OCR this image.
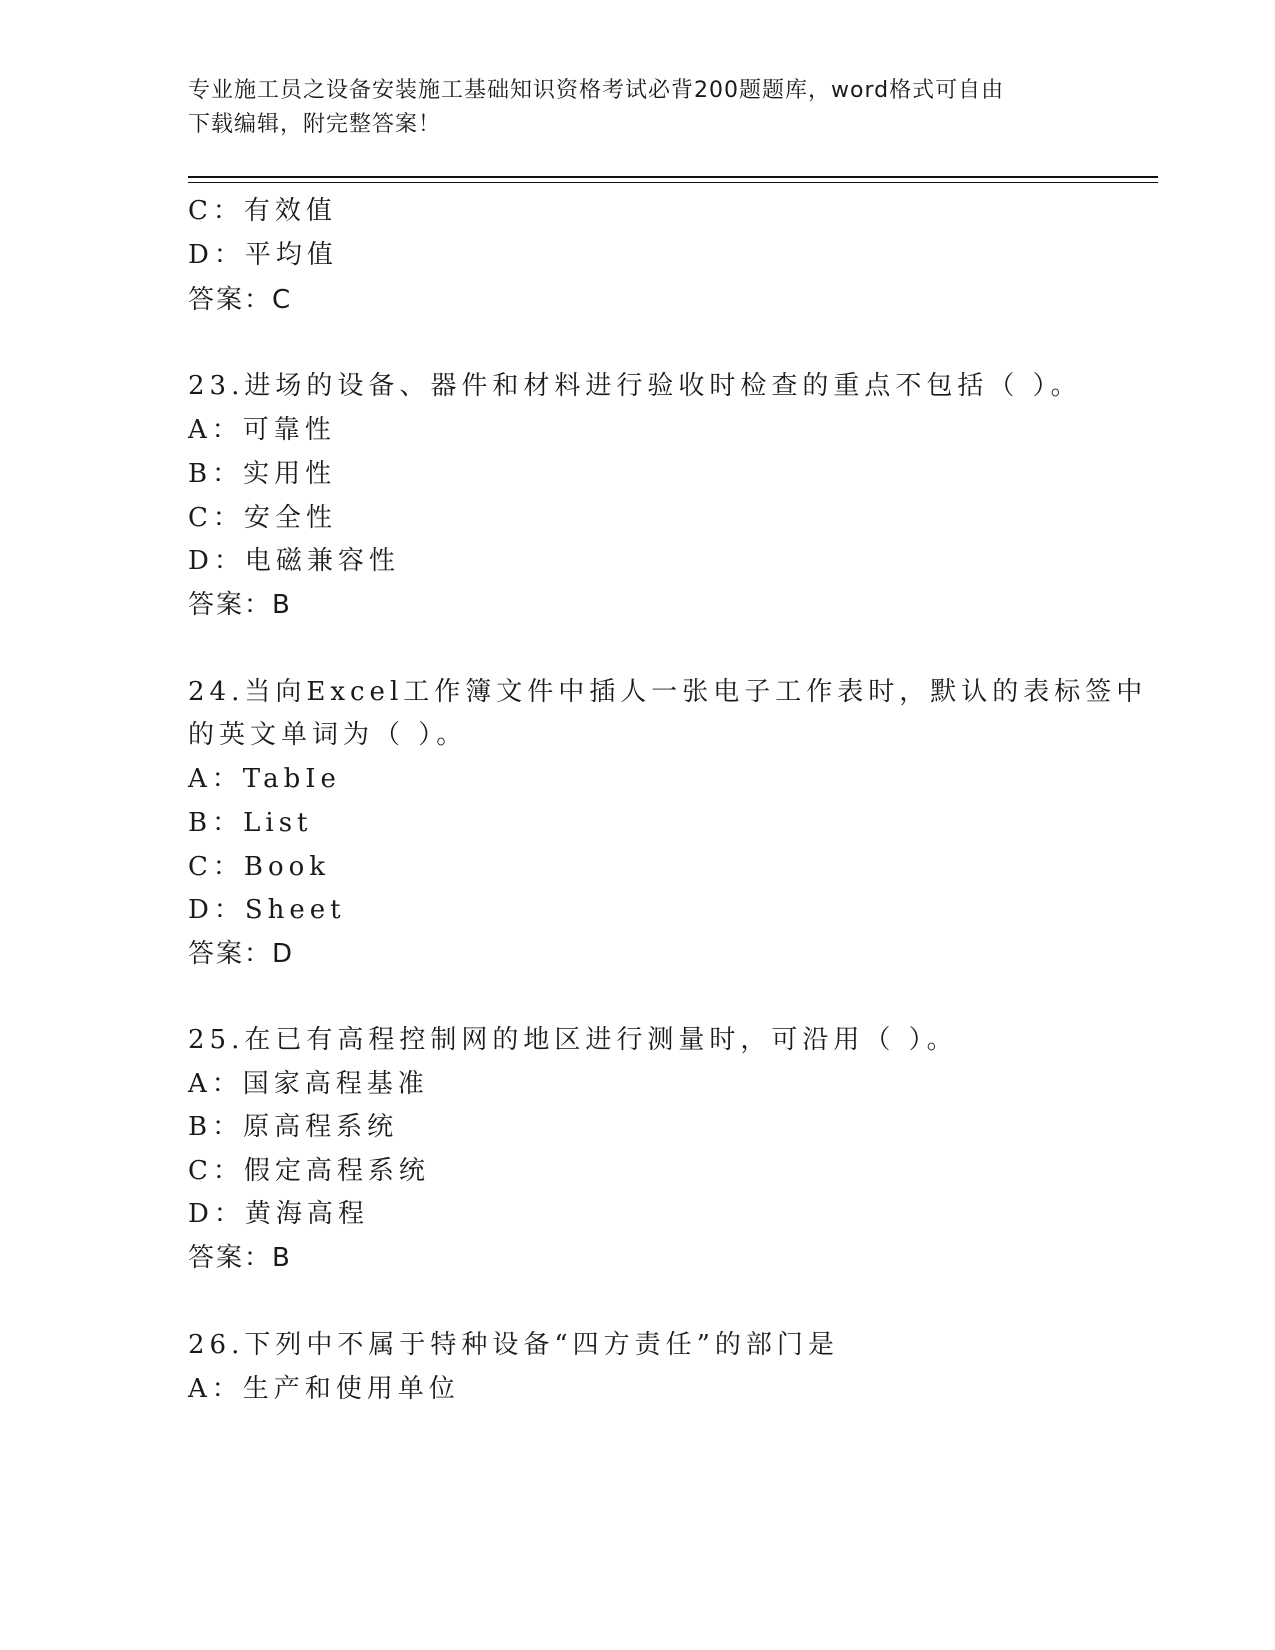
专业施工员之设备安装施工基础知识资格考试必背200题题库，word格式可自由
下载编辑，附完整答案！
C：有效值
D：平均值
答案：C
23.进场的设备、器件和材料进行验收时检查的重点不包括（ ）。
A：可靠性
B：实用性
C：安全性
D：电磁兼容性
答案：B
24.当向Excel工作簿文件中插人一张电子工作表时，默认的表标签中
的英文单词为（ ）。
A：TabIe
B：List
C：Book
D：Sheet
答案：D
25.在已有高程控制网的地区进行测量时，可沿用（ ）。
A：国家高程基准
B：原高程系统
C：假定高程系统
D：黄海高程
答案：B
26.下列中不属于特种设备“四方责任”的部门是
A：生产和使用单位
